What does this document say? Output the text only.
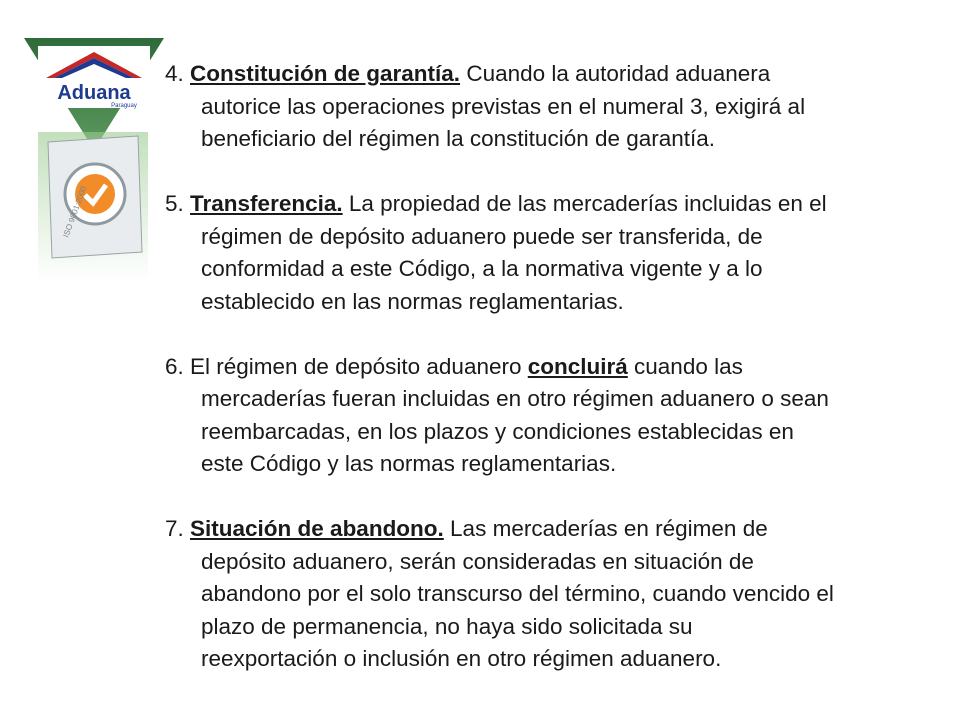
Aduana
Paraguay
ISO 9001:2000
4. Constitución de garantía. Cuando la autoridad aduanera
autorice las operaciones previstas en el numeral 3, exigirá al
beneficiario del régimen la constitución de garantía.
5. Transferencia. La propiedad de las mercaderías incluidas en el
régimen de depósito aduanero puede ser transferida, de
conformidad a este Código, a la normativa vigente y a lo
establecido en las normas reglamentarias.
6. El régimen de depósito aduanero concluirá cuando las
mercaderías fueran incluidas en otro régimen aduanero o sean
reembarcadas, en los plazos y condiciones establecidas en
este Código y las normas reglamentarias.
7. Situación de abandono. Las mercaderías en régimen de
depósito aduanero, serán consideradas en situación de
abandono por el solo transcurso del término, cuando vencido el
plazo de permanencia, no haya sido solicitada su
reexportación o inclusión en otro régimen aduanero.
